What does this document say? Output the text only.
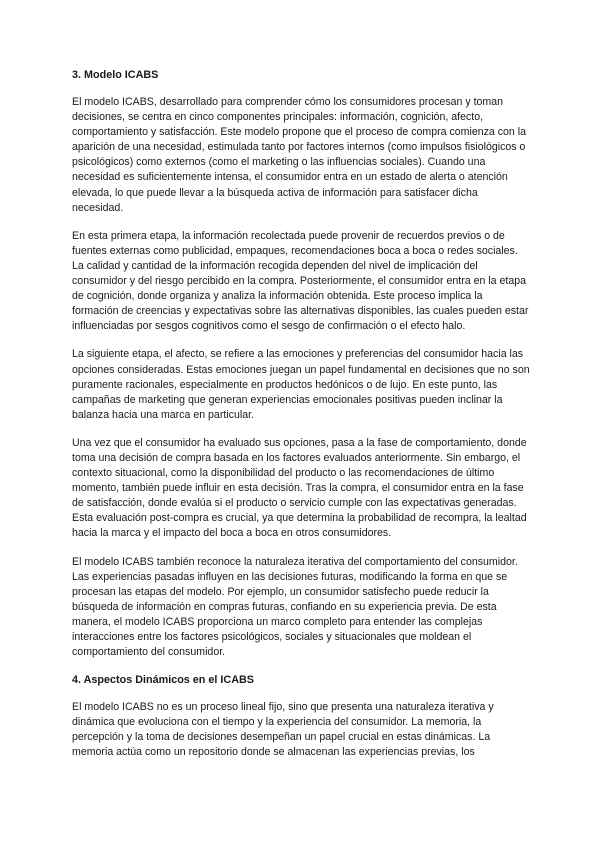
3. Modelo ICABS

El modelo ICABS, desarrollado para comprender cómo los consumidores procesan y toman decisiones, se centra en cinco componentes principales: información, cognición, afecto, comportamiento y satisfacción. Este modelo propone que el proceso de compra comienza con la aparición de una necesidad, estimulada tanto por factores internos (como impulsos fisiológicos o psicológicos) como externos (como el marketing o las influencias sociales). Cuando una necesidad es suficientemente intensa, el consumidor entra en un estado de alerta o atención elevada, lo que puede llevar a la búsqueda activa de información para satisfacer dicha necesidad.

En esta primera etapa, la información recolectada puede provenir de recuerdos previos o de fuentes externas como publicidad, empaques, recomendaciones boca a boca o redes sociales. La calidad y cantidad de la información recogida dependen del nivel de implicación del consumidor y del riesgo percibido en la compra. Posteriormente, el consumidor entra en la etapa de cognición, donde organiza y analiza la información obtenida. Este proceso implica la formación de creencias y expectativas sobre las alternativas disponibles, las cuales pueden estar influenciadas por sesgos cognitivos como el sesgo de confirmación o el efecto halo.

La siguiente etapa, el afecto, se refiere a las emociones y preferencias del consumidor hacia las opciones consideradas. Estas emociones juegan un papel fundamental en decisiones que no son puramente racionales, especialmente en productos hedónicos o de lujo. En este punto, las campañas de marketing que generan experiencias emocionales positivas pueden inclinar la balanza hacia una marca en particular.

Una vez que el consumidor ha evaluado sus opciones, pasa a la fase de comportamiento, donde toma una decisión de compra basada en los factores evaluados anteriormente. Sin embargo, el contexto situacional, como la disponibilidad del producto o las recomendaciones de último momento, también puede influir en esta decisión. Tras la compra, el consumidor entra en la fase de satisfacción, donde evalúa si el producto o servicio cumple con las expectativas generadas. Esta evaluación post-compra es crucial, ya que determina la probabilidad de recompra, la lealtad hacia la marca y el impacto del boca a boca en otros consumidores.

El modelo ICABS también reconoce la naturaleza iterativa del comportamiento del consumidor. Las experiencias pasadas influyen en las decisiones futuras, modificando la forma en que se procesan las etapas del modelo. Por ejemplo, un consumidor satisfecho puede reducir la búsqueda de información en compras futuras, confiando en su experiencia previa. De esta manera, el modelo ICABS proporciona un marco completo para entender las complejas interacciones entre los factores psicológicos, sociales y situacionales que moldean el comportamiento del consumidor.

4. Aspectos Dinámicos en el ICABS

El modelo ICABS no es un proceso lineal fijo, sino que presenta una naturaleza iterativa y dinámica que evoluciona con el tiempo y la experiencia del consumidor. La memoria, la percepción y la toma de decisiones desempeñan un papel crucial en estas dinámicas. La memoria actúa como un repositorio donde se almacenan las experiencias previas, los
